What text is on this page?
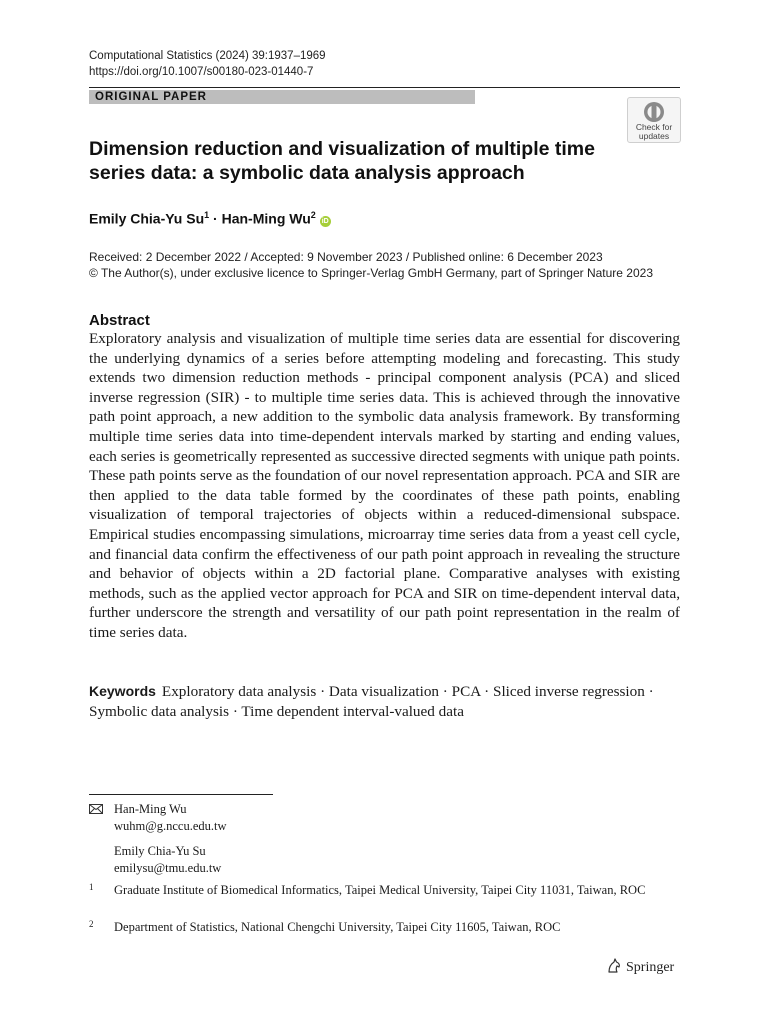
Computational Statistics (2024) 39:1937–1969
https://doi.org/10.1007/s00180-023-01440-7
ORIGINAL PAPER
Check for
updates
Dimension reduction and visualization of multiple time series data: a symbolic data analysis approach
Emily Chia-Yu $Su^1$ · Han-Ming Wu$^2$ iD
Received: 2 December 2022 / Accepted: 9 November 2023 / Published online: 6 December 2023
© The Author(s), under exclusive licence to Springer-Verlag GmbH Germany, part of Springer Nature 2023
Abstract
Exploratory analysis and visualization of multiple time series data are essential for discovering the underlying dynamics of a series before attempting modeling and forecasting. This study extends two dimension reduction methods - principal component analysis (PCA) and sliced inverse regression (SIR) - to multiple time series data. This is achieved through the innovative path point approach, a new addition to the symbolic data analysis framework. By transforming multiple time series data into time-dependent intervals marked by starting and ending values, each series is geometrically represented as successive directed segments with unique path points. These path points serve as the foundation of our novel representation approach. PCA and SIR are then applied to the data table formed by the coordinates of these path points, enabling visualization of temporal trajectories of objects within a reduced-dimensional subspace. Empirical studies encompassing simulations, microarray time series data from a yeast cell cycle, and financial data confirm the effectiveness of our path point approach in revealing the structure and behavior of objects within a 2D factorial plane. Comparative analyses with existing methods, such as the applied vector approach for PCA and SIR on time-dependent interval data, further underscore the strength and versatility of our path point representation in the realm of time series data.
Keywords Exploratory data analysis · Data visualization · PCA · Sliced inverse regression · Symbolic data analysis · Time dependent interval-valued data
Han-Ming Wu
wuhm@g.nccu.edu.tw
Emily Chia-Yu Su
emilysu@tmu.edu.tw
1 Graduate Institute of Biomedical Informatics, Taipei Medical University, Taipei City 11031, Taiwan, ROC
2 Department of Statistics, National Chengchi University, Taipei City 11605, Taiwan, ROC
Springer
